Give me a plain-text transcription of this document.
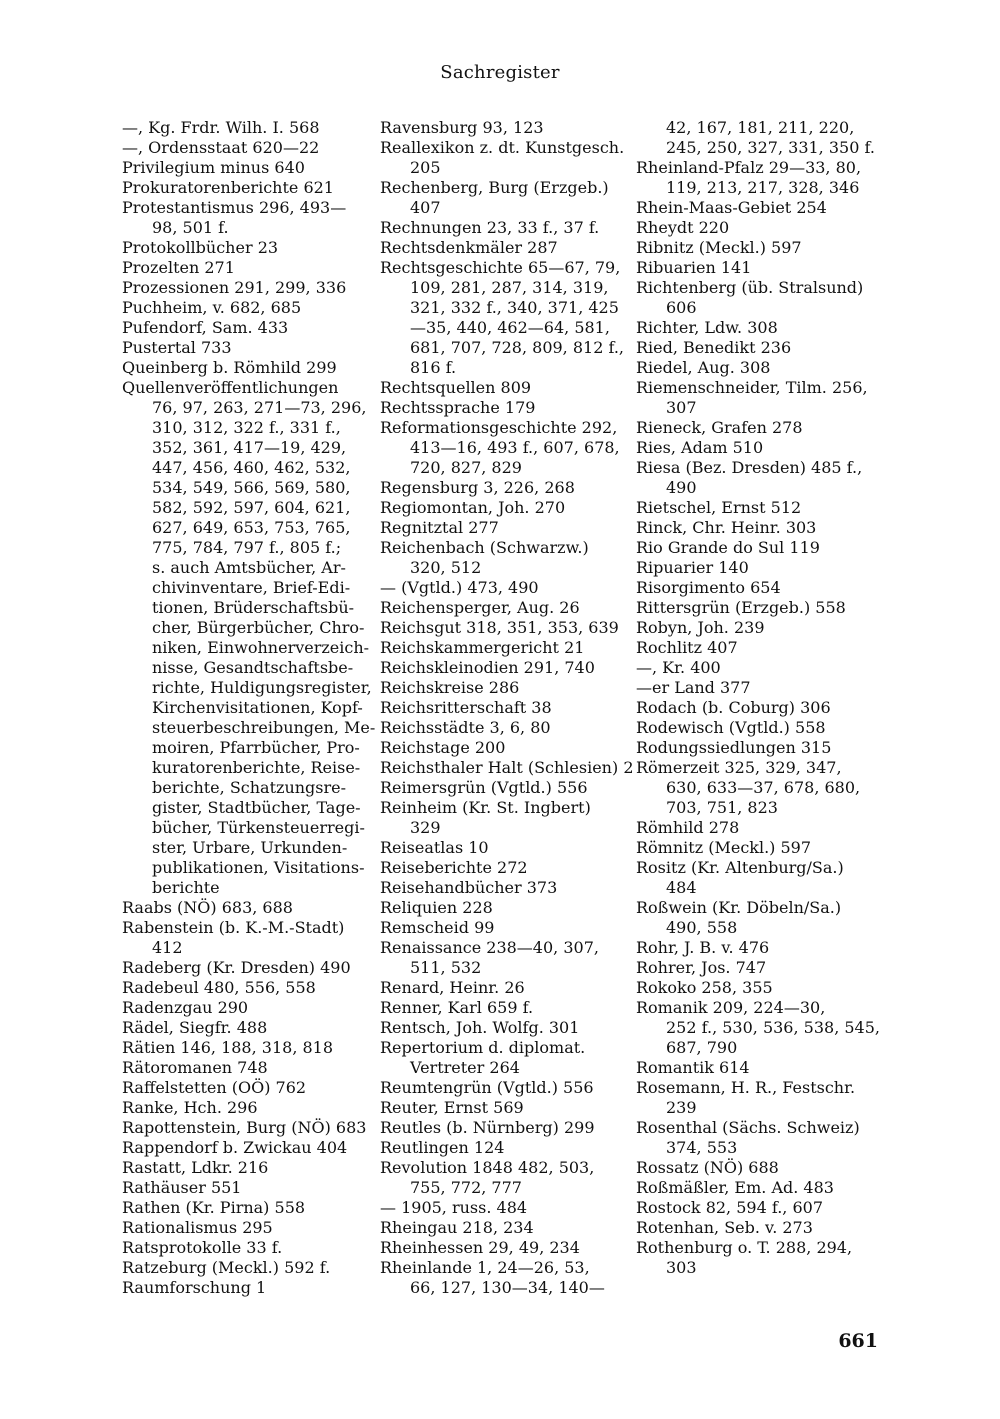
Sachregister
—, Kg. Frdr. Wilh. I. 568
—, Ordensstaat 620—22
Privilegium minus 640
Prokuratorenberichte 621
Protestantismus 296, 493—
98, 501 f.
Protokollbücher 23
Prozelten 271
Prozessionen 291, 299, 336
Puchheim, v. 682, 685
Pufendorf, Sam. 433
Pustertal 733
Queinberg b. Römhild 299
Quellenveröffentlichungen
76, 97, 263, 271—73, 296,
310, 312, 322 f., 331 f.,
352, 361, 417—19, 429,
447, 456, 460, 462, 532,
534, 549, 566, 569, 580,
582, 592, 597, 604, 621,
627, 649, 653, 753, 765,
775, 784, 797 f., 805 f.;
s. auch Amtsbücher, Ar-
chivinventare, Brief-Edi-
tionen, Brüderschaftsbü-
cher, Bürgerbücher, Chro-
niken, Einwohnerverzeich-
nisse, Gesandtschaftsbe-
richte, Huldigungsregister,
Kirchenvisitationen, Kopf-
steuerbeschreibungen, Me-
moiren, Pfarrbücher, Pro-
kuratorenberichte, Reise-
berichte, Schatzungsre-
gister, Stadtbücher, Tage-
bücher, Türkensteuerregi-
ster, Urbare, Urkunden-
publikationen, Visitations-
berichte
Raabs (NÖ) 683, 688
Rabenstein (b. K.-M.-Stadt)
412
Radeberg (Kr. Dresden) 490
Radebeul 480, 556, 558
Radenzgau 290
Rädel, Siegfr. 488
Rätien 146, 188, 318, 818
Rätoromanen 748
Raffelstetten (OÖ) 762
Ranke, Hch. 296
Rapottenstein, Burg (NÖ) 683
Rappendorf b. Zwickau 404
Rastatt, Ldkr. 216
Rathäuser 551
Rathen (Kr. Pirna) 558
Rationalismus 295
Ratsprotokolle 33 f.
Ratzeburg (Meckl.) 592 f.
Raumforschung 1
Ravensburg 93, 123
Reallexikon z. dt. Kunstgesch.
205
Rechenberg, Burg (Erzgeb.)
407
Rechnungen 23, 33 f., 37 f.
Rechtsdenkmäler 287
Rechtsgeschichte 65—67, 79,
109, 281, 287, 314, 319,
321, 332 f., 340, 371, 425
—35, 440, 462—64, 581,
681, 707, 728, 809, 812 f.,
816 f.
Rechtsquellen 809
Rechtssprache 179
Reformationsgeschichte 292,
413—16, 493 f., 607, 678,
720, 827, 829
Regensburg 3, 226, 268
Regiomontan, Joh. 270
Regnitztal 277
Reichenbach (Schwarzw.)
320, 512
— (Vgtld.) 473, 490
Reichensperger, Aug. 26
Reichsgut 318, 351, 353, 639
Reichskammergericht 21
Reichskleinodien 291, 740
Reichskreise 286
Reichsritterschaft 38
Reichsstädte 3, 6, 80
Reichstage 200
Reichsthaler Halt (Schlesien) 2
Reimersgrün (Vgtld.) 556
Reinheim (Kr. St. Ingbert)
329
Reiseatlas 10
Reiseberichte 272
Reisehandbücher 373
Reliquien 228
Remscheid 99
Renaissance 238—40, 307,
511, 532
Renard, Heinr. 26
Renner, Karl 659 f.
Rentsch, Joh. Wolfg. 301
Repertorium d. diplomat.
Vertreter 264
Reumtengrün (Vgtld.) 556
Reuter, Ernst 569
Reutles (b. Nürnberg) 299
Reutlingen 124
Revolution 1848 482, 503,
755, 772, 777
— 1905, russ. 484
Rheingau 218, 234
Rheinhessen 29, 49, 234
Rheinlande 1, 24—26, 53,
66, 127, 130—34, 140—
42, 167, 181, 211, 220,
245, 250, 327, 331, 350 f.
Rheinland-Pfalz 29—33, 80,
119, 213, 217, 328, 346
Rhein-Maas-Gebiet 254
Rheydt 220
Ribnitz (Meckl.) 597
Ribuarien 141
Richtenberg (üb. Stralsund)
606
Richter, Ldw. 308
Ried, Benedikt 236
Riedel, Aug. 308
Riemenschneider, Tilm. 256,
307
Rieneck, Grafen 278
Ries, Adam 510
Riesa (Bez. Dresden) 485 f.,
490
Rietschel, Ernst 512
Rinck, Chr. Heinr. 303
Rio Grande do Sul 119
Ripuarier 140
Risorgimento 654
Rittersgrün (Erzgeb.) 558
Robyn, Joh. 239
Rochlitz 407
—, Kr. 400
—er Land 377
Rodach (b. Coburg) 306
Rodewisch (Vgtld.) 558
Rodungssiedlungen 315
Römerzeit 325, 329, 347,
630, 633—37, 678, 680,
703, 751, 823
Römhild 278
Römnitz (Meckl.) 597
Rositz (Kr. Altenburg/Sa.)
484
Roßwein (Kr. Döbeln/Sa.)
490, 558
Rohr, J. B. v. 476
Rohrer, Jos. 747
Rokoko 258, 355
Romanik 209, 224—30,
252 f., 530, 536, 538, 545,
687, 790
Romantik 614
Rosemann, H. R., Festschr.
239
Rosenthal (Sächs. Schweiz)
374, 553
Rossatz (NÖ) 688
Roßmäßler, Em. Ad. 483
Rostock 82, 594 f., 607
Rotenhan, Seb. v. 273
Rothenburg o. T. 288, 294,
303
661
